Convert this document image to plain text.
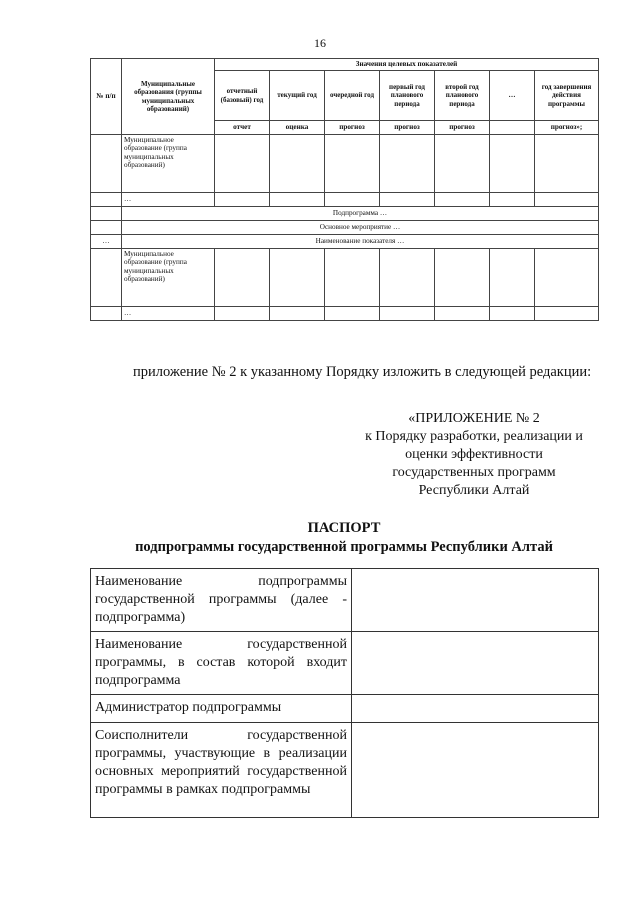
16
№ п/п	Муниципальные образования (группы муниципальных образований)	Значения целевых показателей						
		отчетный (базовый) год	текущий год	очередной год	первый год планового периода	второй год планового периода	…	год завершения действия программы
		отчет	оценка	прогноз	прогноз	прогноз		прогноз»;
	Муниципальное образование (группа муниципальных образований)							
	…							
	Подпрограмма …							
	Основное мероприятие …							
…	Наименование показателя …							
	Муниципальное образование (группа муниципальных образований)							
	…							
приложение № 2 к указанному Порядку изложить в следующей редакции:
«ПРИЛОЖЕНИЕ № 2
к Порядку разработки, реализации и
оценки эффективности
государственных программ
Республики Алтай
ПАСПОРТ
подпрограммы государственной программы Республики Алтай
Наименование подпрограммы государственной программы (далее - подпрограмма)	
Наименование государственной программы, в состав которой входит подпрограмма	
Администратор подпрограммы	
Соисполнители государственной программы, участвующие в реализации основных мероприятий государственной программы в рамках подпрограммы	
